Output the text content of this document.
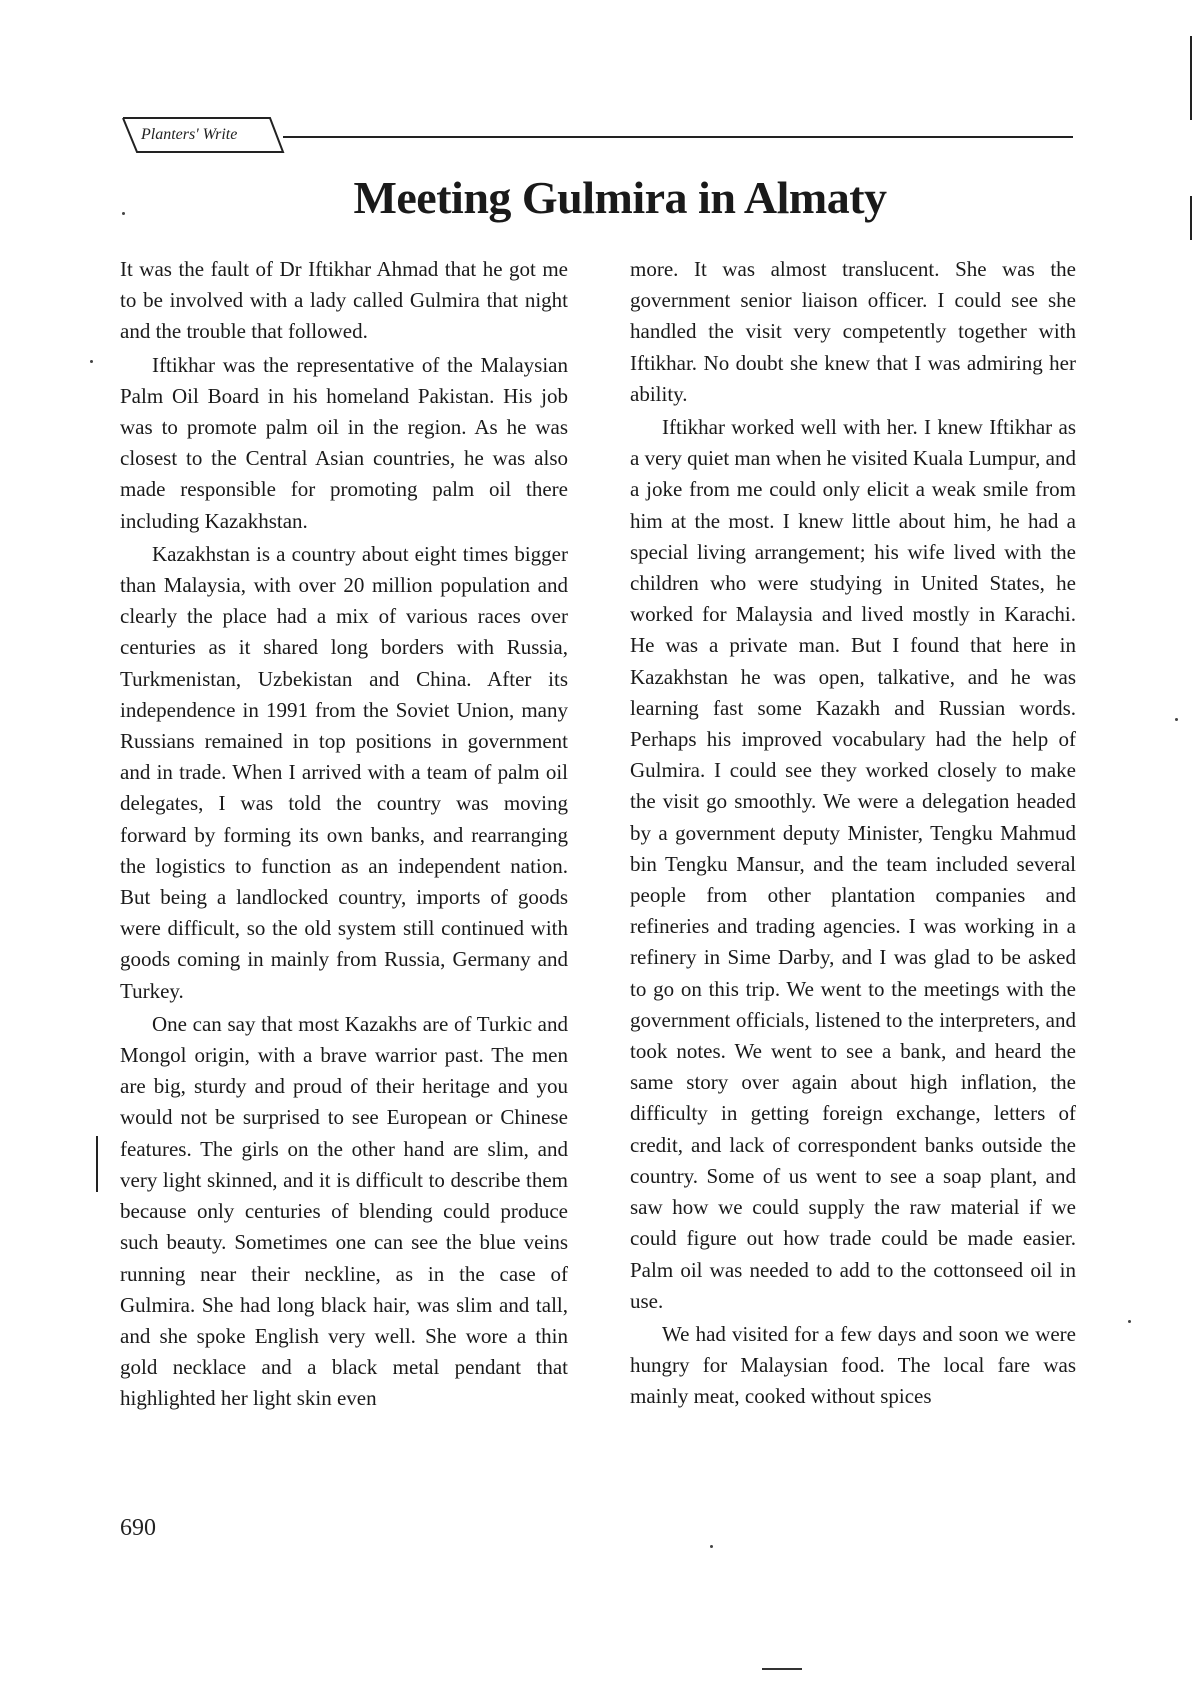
Planters' Write
Meeting Gulmira in Almaty

It was the fault of Dr Iftikhar Ahmad that he got me to be involved with a lady called Gulmira that night and the trouble that followed.

Iftikhar was the representative of the Malaysian Palm Oil Board in his homeland Pakistan. His job was to promote palm oil in the region. As he was closest to the Central Asian countries, he was also made responsible for promoting palm oil there including Kazakhstan.

Kazakhstan is a country about eight times bigger than Malaysia, with over 20 million population and clearly the place had a mix of various races over centuries as it shared long borders with Russia, Turkmenistan, Uzbekistan and China. After its independence in 1991 from the Soviet Union, many Russians remained in top positions in government and in trade. When I arrived with a team of palm oil delegates, I was told the country was moving forward by forming its own banks, and rearranging the logistics to function as an independent nation. But being a landlocked country, imports of goods were difficult, so the old system still continued with goods coming in mainly from Russia, Germany and Turkey.

One can say that most Kazakhs are of Turkic and Mongol origin, with a brave warrior past. The men are big, sturdy and proud of their heritage and you would not be surprised to see European or Chinese features. The girls on the other hand are slim, and very light skinned, and it is difficult to describe them because only centuries of blending could produce such beauty. Sometimes one can see the blue veins running near their neckline, as in the case of Gulmira. She had long black hair, was slim and tall, and she spoke English very well. She wore a thin gold necklace and a black metal pendant that highlighted her light skin even

more. It was almost translucent. She was the government senior liaison officer. I could see she handled the visit very competently together with Iftikhar. No doubt she knew that I was admiring her ability.

Iftikhar worked well with her. I knew Iftikhar as a very quiet man when he visited Kuala Lumpur, and a joke from me could only elicit a weak smile from him at the most. I knew little about him, he had a special living arrangement; his wife lived with the children who were studying in United States, he worked for Malaysia and lived mostly in Karachi. He was a private man. But I found that here in Kazakhstan he was open, talkative, and he was learning fast some Kazakh and Russian words. Perhaps his improved vocabulary had the help of Gulmira. I could see they worked closely to make the visit go smoothly. We were a delegation headed by a government deputy Minister, Tengku Mahmud bin Tengku Mansur, and the team included several people from other plantation companies and refineries and trading agencies. I was working in a refinery in Sime Darby, and I was glad to be asked to go on this trip. We went to the meetings with the government officials, listened to the interpreters, and took notes. We went to see a bank, and heard the same story over again about high inflation, the difficulty in getting foreign exchange, letters of credit, and lack of correspondent banks outside the country. Some of us went to see a soap plant, and saw how we could supply the raw material if we could figure out how trade could be made easier. Palm oil was needed to add to the cottonseed oil in use.

We had visited for a few days and soon we were hungry for Malaysian food. The local fare was mainly meat, cooked without spices

690
